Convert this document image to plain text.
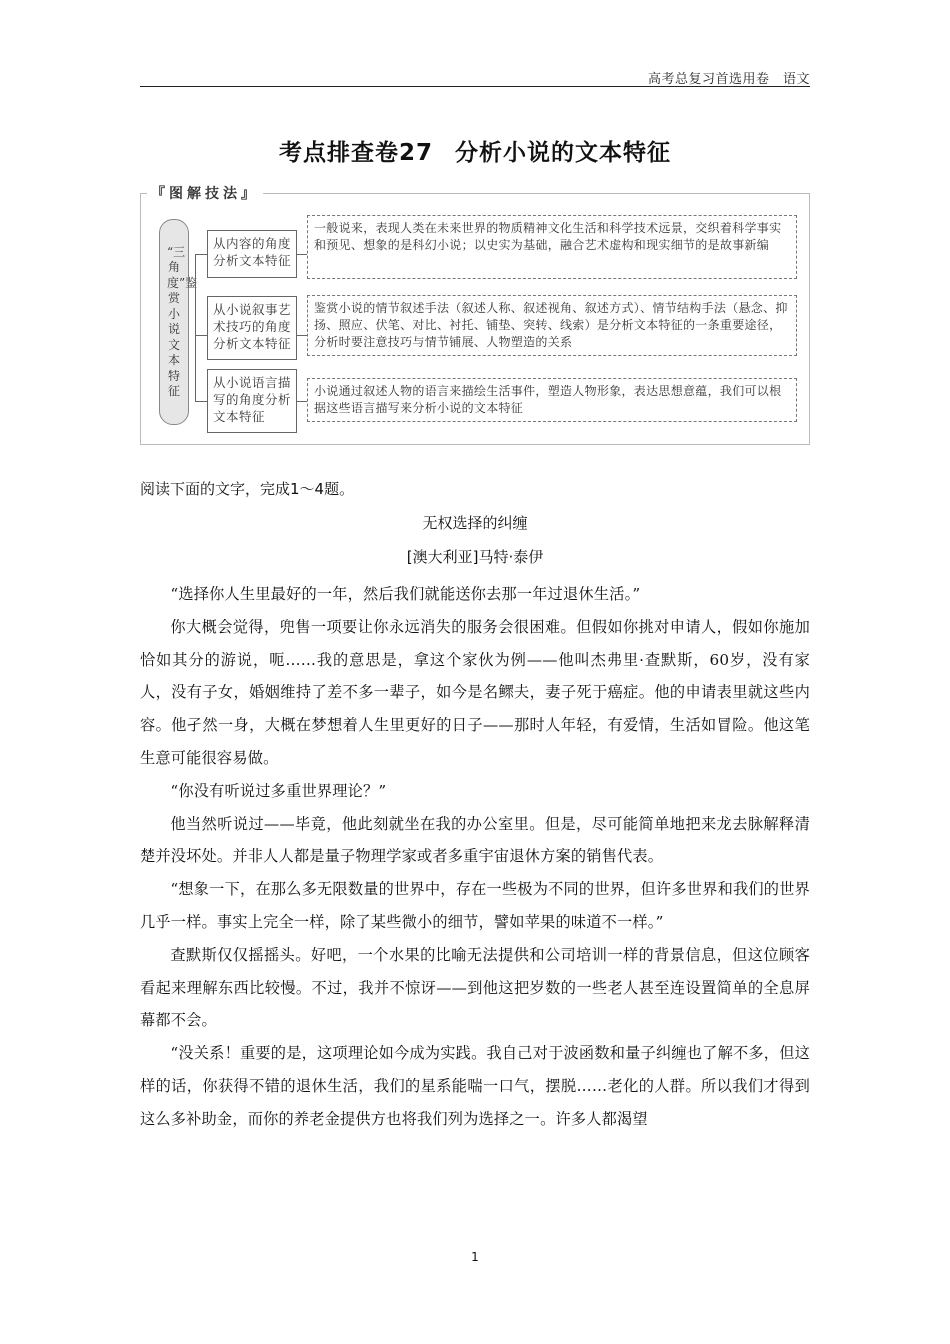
高考总复习首选用卷　语文
考点排查卷27 分析小说的文本特征
『图解技法』
“三角度”鉴赏小说文本特征
从内容的角度分析文本特征
一般说来，表现人类在未来世界的物质精神文化生活和科学技术远景，交织着科学事实和预见、想象的是科幻小说；以史实为基础，融合艺术虚构和现实细节的是故事新编
从小说叙事艺术技巧的角度分析文本特征
鉴赏小说的情节叙述手法（叙述人称、叙述视角、叙述方式）、情节结构手法（悬念、抑扬、照应、伏笔、对比、衬托、铺垫、突转、线索）是分析文本特征的一条重要途径，分析时要注意技巧与情节铺展、人物塑造的关系
从小说语言描写的角度分析文本特征
小说通过叙述人物的语言来描绘生活事件，塑造人物形象，表达思想意蕴，我们可以根据这些语言描写来分析小说的文本特征
阅读下面的文字，完成1～4题。
无权选择的纠缠
[澳大利亚]马特·泰伊

“选择你人生里最好的一年，然后我们就能送你去那一年过退休生活。”

你大概会觉得，兜售一项要让你永远消失的服务会很困难。但假如你挑对申请人，假如你施加恰如其分的游说，呃……我的意思是，拿这个家伙为例——他叫杰弗里·查默斯，60岁，没有家人，没有子女，婚姻维持了差不多一辈子，如今是名鳏夫，妻子死于癌症。他的申请表里就这些内容。他孑然一身，大概在梦想着人生里更好的日子——那时人年轻，有爱情，生活如冒险。他这笔生意可能很容易做。

“你没有听说过多重世界理论？”

他当然听说过——毕竟，他此刻就坐在我的办公室里。但是，尽可能简单地把来龙去脉解释清楚并没坏处。并非人人都是量子物理学家或者多重宇宙退休方案的销售代表。

“想象一下，在那么多无限数量的世界中，存在一些极为不同的世界，但许多世界和我们的世界几乎一样。事实上完全一样，除了某些微小的细节，譬如苹果的味道不一样。”

查默斯仅仅摇摇头。好吧，一个水果的比喻无法提供和公司培训一样的背景信息，但这位顾客看起来理解东西比较慢。不过，我并不惊讶——到他这把岁数的一些老人甚至连设置简单的全息屏幕都不会。

“没关系！重要的是，这项理论如今成为实践。我自己对于波函数和量子纠缠也了解不多，但这样的话，你获得不错的退休生活，我们的星系能喘一口气，摆脱……老化的人群。所以我们才得到这么多补助金，而你的养老金提供方也将我们列为选择之一。许多人都渴望

1
